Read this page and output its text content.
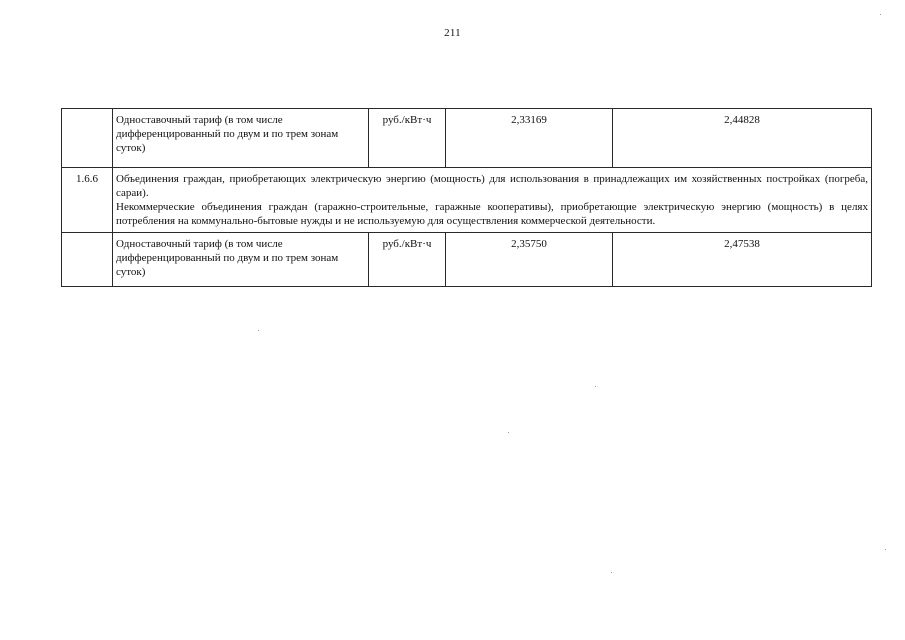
211
	Одноставочный тариф (в том числе дифференцированный по двум и по трем зонам суток)	руб./кВт·ч	2,33169	2,44828
1.6.6	Объединения граждан, приобретающих электрическую энергию (мощность) для использования в принадлежащих им хозяйственных постройках (погреба, сараи).
Некоммерческие объединения граждан (гаражно-строительные, гаражные кооперативы), приобретающие электрическую энергию (мощность) в целях потребления на коммунально-бытовые нужды и не используемую для осуществления коммерческой деятельности.			

	Одноставочный тариф (в том числе дифференцированный по двум и по трем зонам суток)	руб./кВт·ч	2,35750	2,47538
